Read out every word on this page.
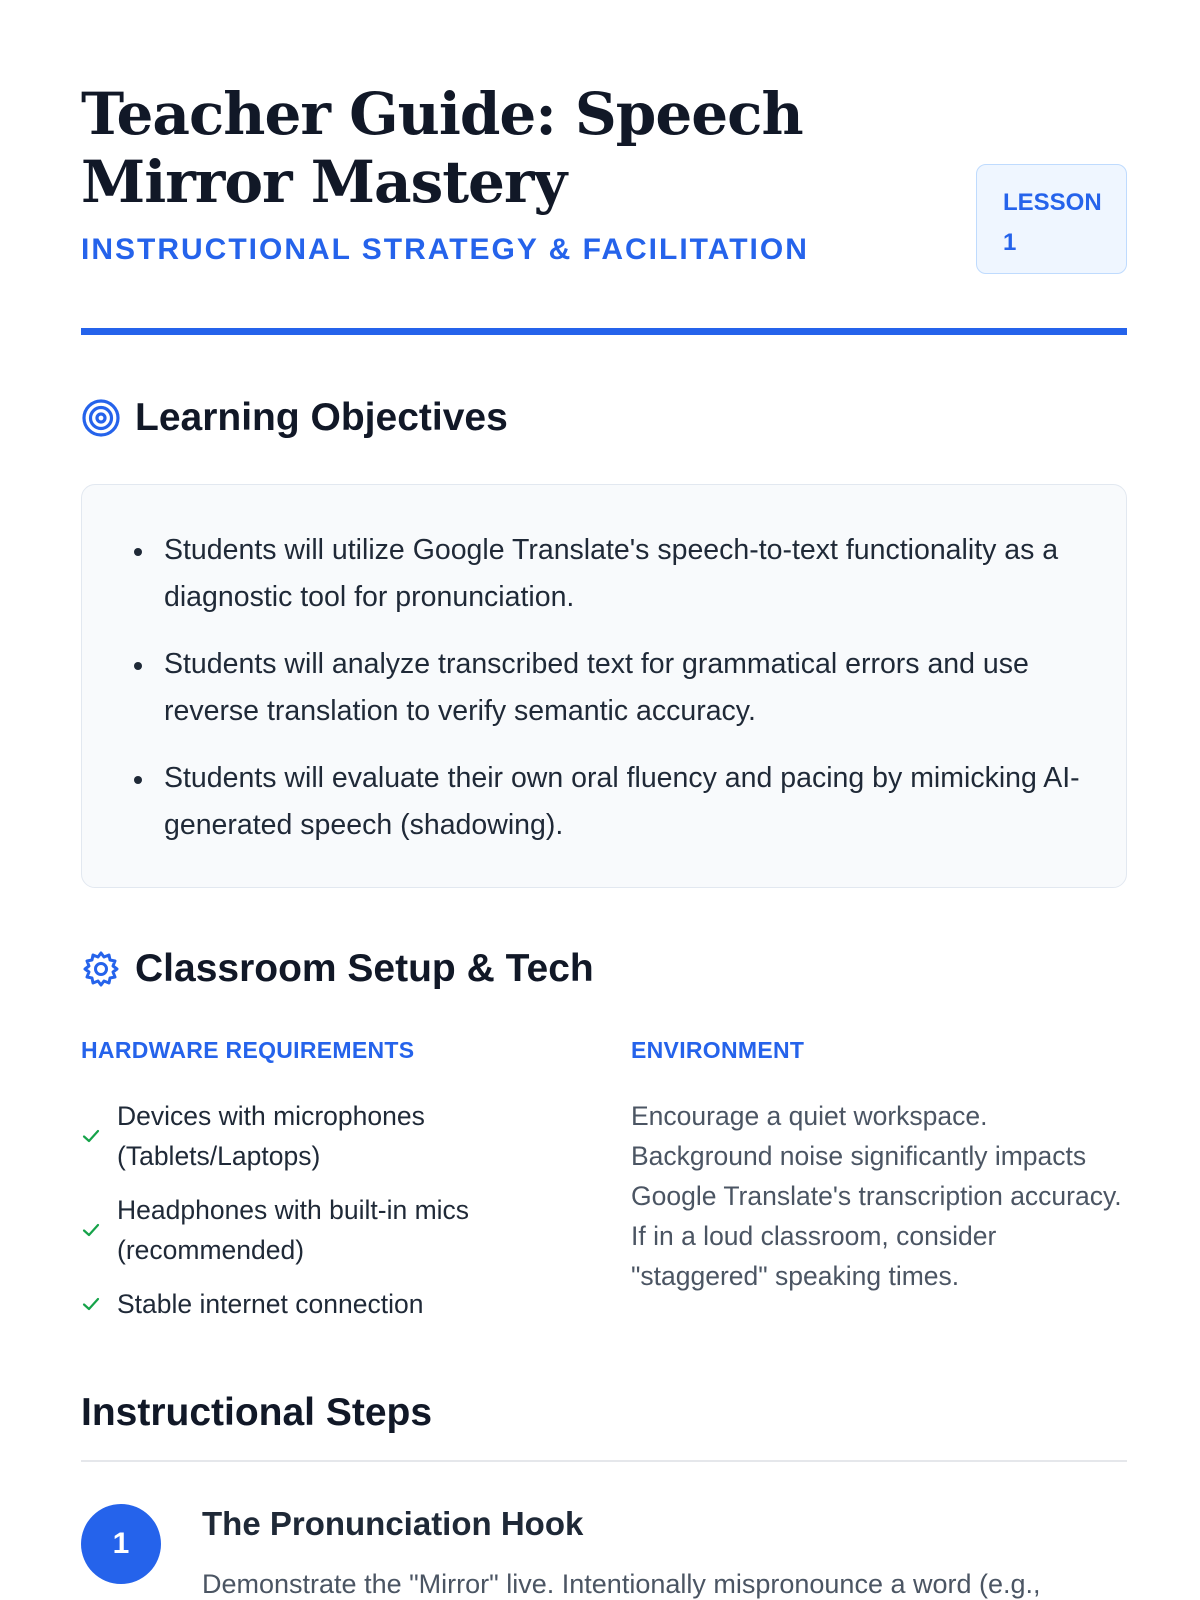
Teacher Guide: Speech Mirror Mastery
INSTRUCTIONAL STRATEGY & FACILITATION
LESSON
1
Learning Objectives
Students will utilize Google Translate's speech-to-text functionality as a diagnostic tool for pronunciation.
Students will analyze transcribed text for grammatical errors and use reverse translation to verify semantic accuracy.
Students will evaluate their own oral fluency and pacing by mimicking AI-generated speech (shadowing).
Classroom Setup & Tech
HARDWARE REQUIREMENTS
Devices with microphones (Tablets/Laptops)
Headphones with built-in mics (recommended)
Stable internet connection
ENVIRONMENT

Encourage a quiet workspace. Background noise significantly impacts Google Translate's transcription accuracy. If in a loud classroom, consider "staggered" speaking times.

Instructional Steps
1
The Pronunciation Hook

Demonstrate the "Mirror" live. Intentionally mispronounce a word (e.g.,
